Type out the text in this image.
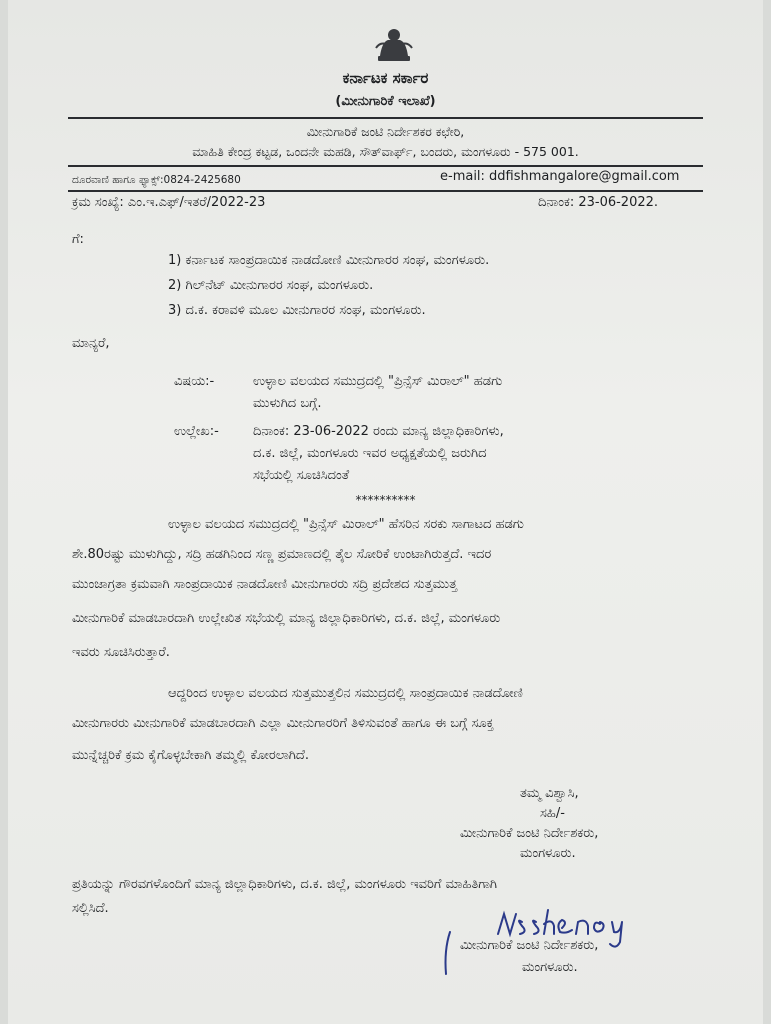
ಕರ್ನಾಟಕ ಸರ್ಕಾರ
(ಮೀನುಗಾರಿಕೆ ಇಲಾಖೆ)
ಮೀನುಗಾರಿಕೆ ಜಂಟಿ ನಿರ್ದೇಶಕರ ಕಛೇರಿ,
ಮಾಹಿತಿ ಕೇಂದ್ರ ಕಟ್ಟಡ, ಒಂದನೇ ಮಹಡಿ, ಸೌತ್‌ವಾರ್ಫ್, ಬಂದರು, ಮಂಗಳೂರು - 575 001.
ದೂರವಾಣಿ ಹಾಗೂ ಫ್ಯಾಕ್ಸ್:0824-2425680	e-mail: ddfishmangalore@gmail.com
ಕ್ರಮ ಸಂಖ್ಯೆ: ಎಂ.ಇ.ಎಫ್/ಇತರೆ/2022-23	ದಿನಾಂಕ: 23-06-2022.
ಗೆ:
1) ಕರ್ನಾಟಕ ಸಾಂಪ್ರದಾಯಿಕ ನಾಡದೋಣಿ ಮೀನುಗಾರರ ಸಂಘ, ಮಂಗಳೂರು.
2) ಗಿಲ್‌ನೆಟ್ ಮೀನುಗಾರರ ಸಂಘ, ಮಂಗಳೂರು.
3) ದ.ಕ. ಕರಾವಳಿ ಮೂಲ ಮೀನುಗಾರರ ಸಂಘ, ಮಂಗಳೂರು.
ಮಾನ್ಯರೆ,
ವಿಷಯ:-	ಉಳ್ಳಾಲ ವಲಯದ ಸಮುದ್ರದಲ್ಲಿ "ಪ್ರಿನ್ಸೆಸ್ ಮಿರಾಲ್" ಹಡಗು
ಮುಳುಗಿದ ಬಗ್ಗೆ.
ಉಲ್ಲೇಖ:-	ದಿನಾಂಕ: 23-06-2022 ರಂದು ಮಾನ್ಯ ಜಿಲ್ಲಾಧಿಕಾರಿಗಳು,
ದ.ಕ. ಜಿಲ್ಲೆ, ಮಂಗಳೂರು ಇವರ ಅಧ್ಯಕ್ಷತೆಯಲ್ಲಿ ಜರುಗಿದ
ಸಭೆಯಲ್ಲಿ ಸೂಚಿಸಿದಂತೆ
**********
ಉಳ್ಳಾಲ ವಲಯದ ಸಮುದ್ರದಲ್ಲಿ "ಪ್ರಿನ್ಸೆಸ್ ಮಿರಾಲ್" ಹೆಸರಿನ ಸರಕು ಸಾಗಾಟದ ಹಡಗು
ಶೇ.80ರಷ್ಟು ಮುಳುಗಿದ್ದು, ಸದ್ರಿ ಹಡಗಿನಿಂದ ಸಣ್ಣ ಪ್ರಮಾಣದಲ್ಲಿ ತೈಲ ಸೋರಿಕೆ ಉಂಟಾಗಿರುತ್ತದೆ. ಇದರ
ಮುಂಜಾಗ್ರತಾ ಕ್ರಮವಾಗಿ ಸಾಂಪ್ರದಾಯಿಕ ನಾಡದೋಣಿ ಮೀನುಗಾರರು ಸದ್ರಿ ಪ್ರದೇಶದ ಸುತ್ತಮುತ್ತ
ಮೀನುಗಾರಿಕೆ ಮಾಡಬಾರದಾಗಿ ಉಲ್ಲೇಖಿತ ಸಭೆಯಲ್ಲಿ ಮಾನ್ಯ ಜಿಲ್ಲಾಧಿಕಾರಿಗಳು, ದ.ಕ. ಜಿಲ್ಲೆ, ಮಂಗಳೂರು
ಇವರು ಸೂಚಿಸಿರುತ್ತಾರೆ.
ಆದ್ದರಿಂದ ಉಳ್ಳಾಲ ವಲಯದ ಸುತ್ತಮುತ್ತಲಿನ ಸಮುದ್ರದಲ್ಲಿ ಸಾಂಪ್ರದಾಯಿಕ ನಾಡದೋಣಿ
ಮೀನುಗಾರರು ಮೀನುಗಾರಿಕೆ ಮಾಡಬಾರದಾಗಿ ಎಲ್ಲಾ ಮೀನುಗಾರರಿಗೆ ತಿಳಿಸುವಂತೆ ಹಾಗೂ ಈ ಬಗ್ಗೆ ಸೂಕ್ತ
ಮುನ್ನೆಚ್ಚರಿಕೆ ಕ್ರಮ ಕೈಗೊಳ್ಳಬೇಕಾಗಿ ತಮ್ಮಲ್ಲಿ ಕೋರಲಾಗಿದೆ.
ತಮ್ಮ ವಿಶ್ವಾಸಿ,
ಸಹಿ/-
ಮೀನುಗಾರಿಕೆ ಜಂಟಿ ನಿರ್ದೇಶಕರು,
ಮಂಗಳೂರು.
ಪ್ರತಿಯನ್ನು ಗೌರವಗಳೊಂದಿಗೆ ಮಾನ್ಯ ಜಿಲ್ಲಾಧಿಕಾರಿಗಳು, ದ.ಕ. ಜಿಲ್ಲೆ, ಮಂಗಳೂರು ಇವರಿಗೆ ಮಾಹಿತಿಗಾಗಿ
ಸಲ್ಲಿಸಿದೆ.
ಮೀನುಗಾರಿಕೆ ಜಂಟಿ ನಿರ್ದೇಶಕರು,
ಮಂಗಳೂರು.
